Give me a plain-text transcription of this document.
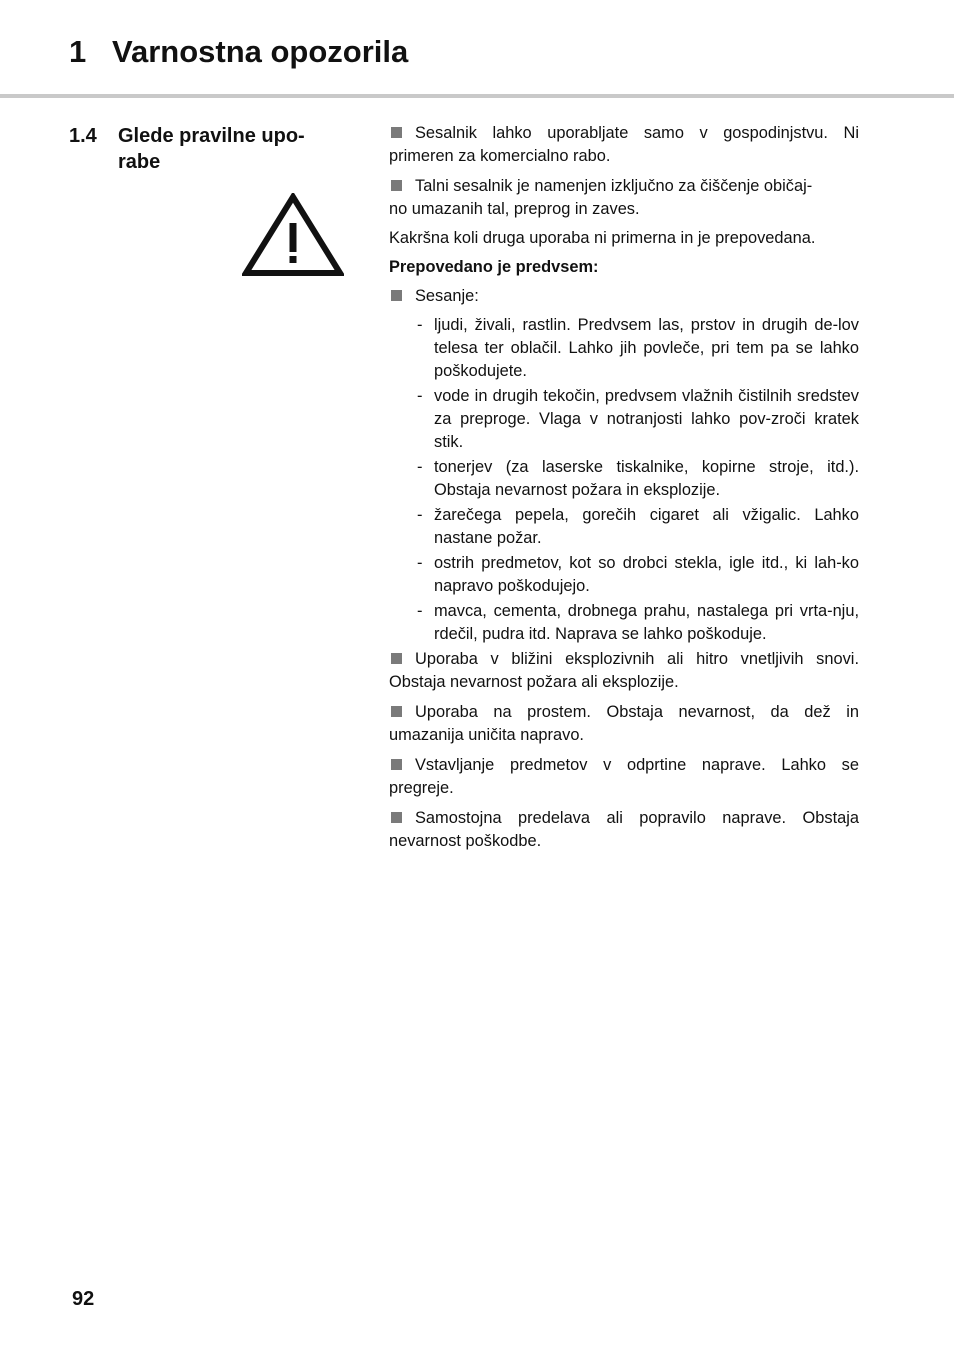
1 Varnostna opozorila
1.4 Glede pravilne upo-
rabe

Sesalnik lahko uporabljate samo v gospodinjstvu. Ni primeren za komercialno rabo.

Talni sesalnik je namenjen izključno za čiščenje običaj-
no umazanih tal, preprog in zaves.

Kakršna koli druga uporaba ni primerna in je prepovedana.

Prepovedano je predvsem:

Sesanje:

- ljudi, živali, rastlin. Predvsem las, prstov in drugih de-lov telesa ter oblačil. Lahko jih povleče, pri tem pa se lahko poškodujete.
- vode in drugih tekočin, predvsem vlažnih čistilnih sredstev za preproge. Vlaga v notranjosti lahko pov-zroči kratek stik.
- tonerjev (za laserske tiskalnike, kopirne stroje, itd.). Obstaja nevarnost požara in eksplozije.
- žarečega pepela, gorečih cigaret ali vžigalic. Lahko nastane požar.
- ostrih predmetov, kot so drobci stekla, igle itd., ki lah-ko napravo poškodujejo.
- mavca, cementa, drobnega prahu, nastalega pri vrta-nju, rdečil, pudra itd. Naprava se lahko poškoduje.

Uporaba v bližini eksplozivnih ali hitro vnetljivih snovi. Obstaja nevarnost požara ali eksplozije.

Uporaba na prostem. Obstaja nevarnost, da dež in umazanija uničita napravo.

Vstavljanje predmetov v odprtine naprave. Lahko se pregreje.

Samostojna predelava ali popravilo naprave. Obstaja nevarnost poškodbe.

92
